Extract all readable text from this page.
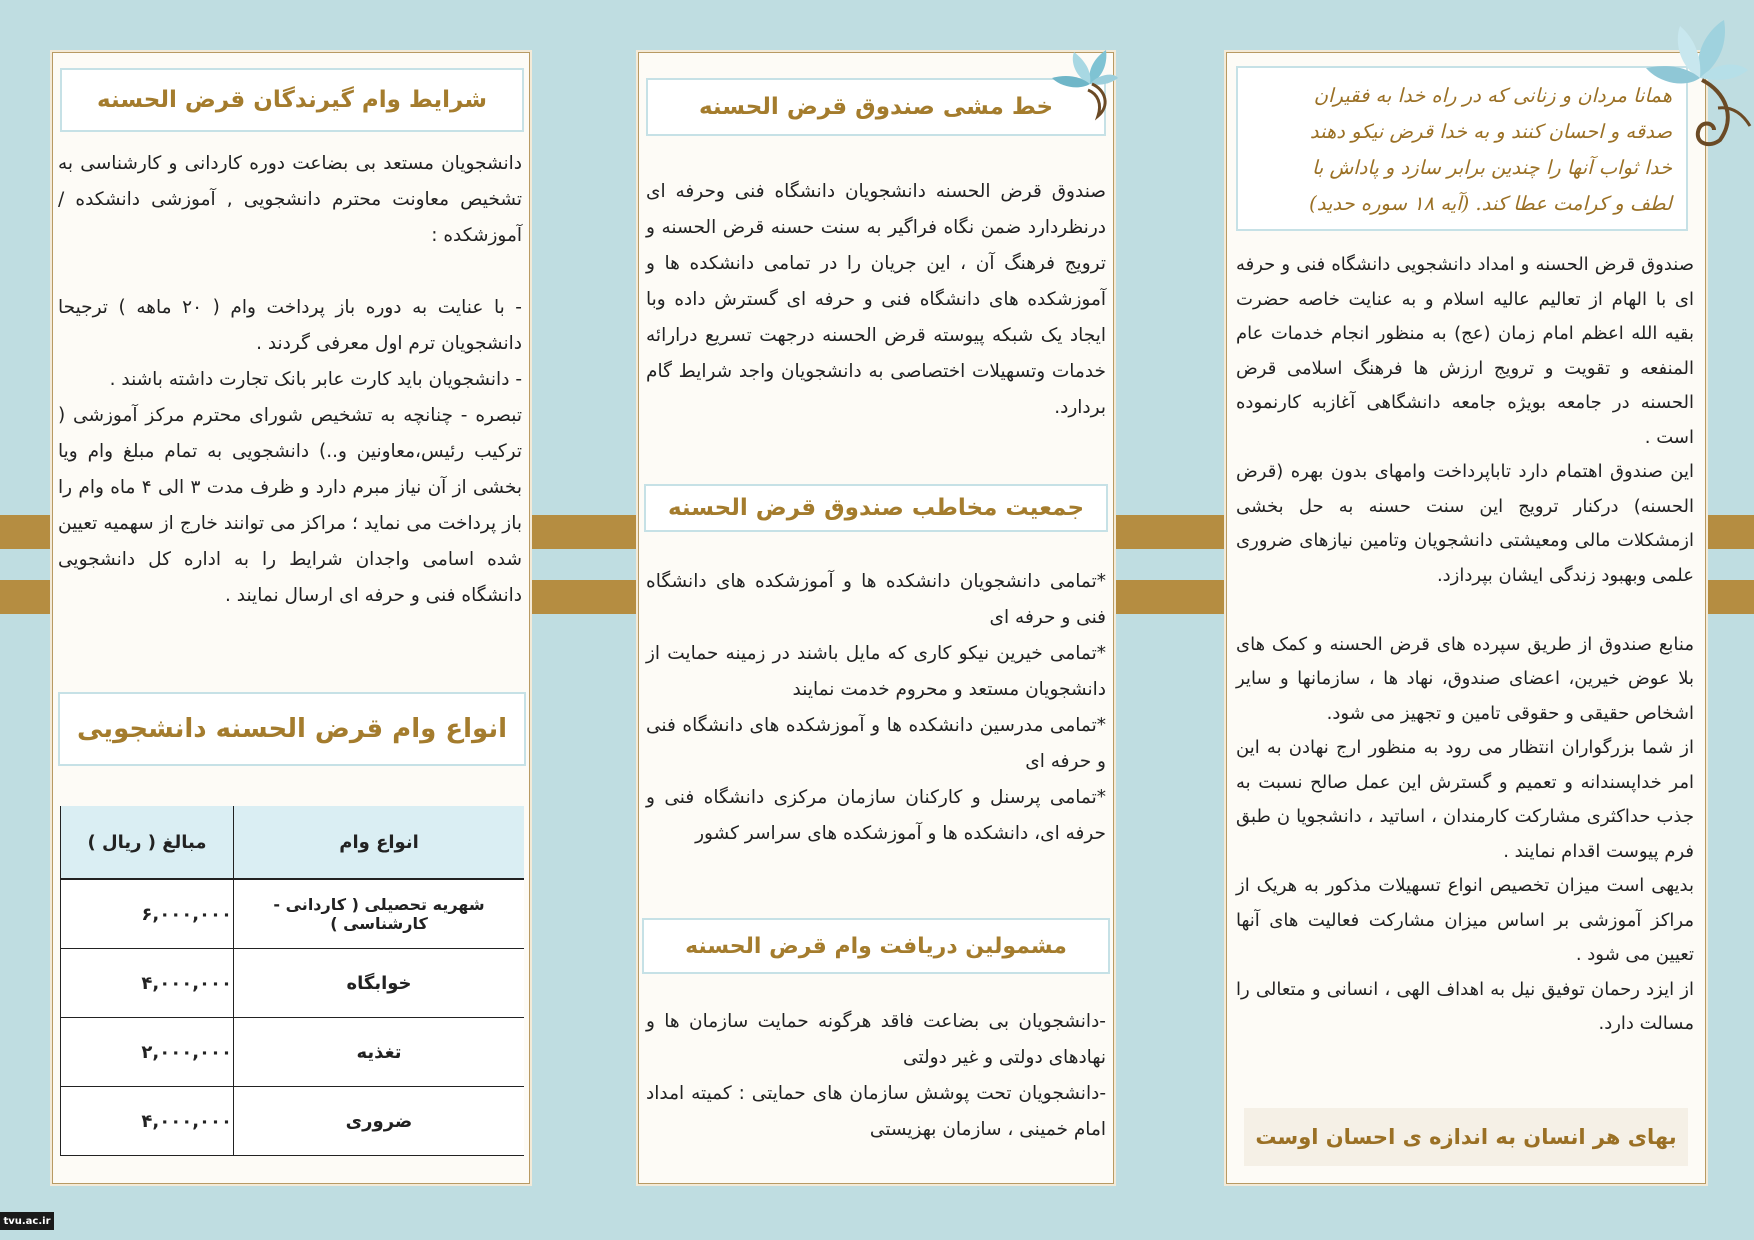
شرایط وام گیرندگان قرض الحسنه
دانشجویان مستعد بی بضاعت دوره کاردانی و کارشناسی به تشخیص معاونت محترم دانشجویی , آموزشی دانشکده / آموزشکده :

- با عنایت به دوره باز پرداخت وام ( ۲۰ ماهه ) ترجیحا دانشجویان ترم اول معرفی گردند .
- دانشجویان باید کارت عابر بانک تجارت داشته باشند .
تبصره - چنانچه به تشخیص شورای محترم مرکز آموزشی ( ترکیب رئیس،معاونین و..) دانشجویی به تمام مبلغ وام ویا بخشی از آن نیاز مبرم دارد و ظرف مدت ۳ الی ۴ ماه وام را باز پرداخت می نماید ؛ مراکز می توانند خارج از سهمیه تعیین شده اسامی واجدان شرایط را به اداره کل دانشجویی دانشگاه فنی و حرفه ای ارسال نمایند .
انواع وام قرض الحسنه دانشجویی
انواع وام	مبالغ ( ریال )
شهریه تحصیلی ( کاردانی - کارشناسی )	۶,۰۰۰,۰۰۰
خوابگاه	۴,۰۰۰,۰۰۰
تغذیه	۲,۰۰۰,۰۰۰
ضروری	۴,۰۰۰,۰۰۰
خط مشی صندوق قرض الحسنه
صندوق قرض الحسنه دانشجویان دانشگاه فنی وحرفه ای درنظردارد ضمن نگاه فراگیر به سنت حسنه قرض الحسنه و ترویج فرهنگ آن ، این جریان را در تمامی دانشکده ها و آموزشکده های دانشگاه فنی و حرفه ای گسترش داده وبا ایجاد یک شبکه پیوسته قرض الحسنه درجهت تسریع درارائه خدمات وتسهیلات اختصاصی به دانشجویان واجد شرایط گام بردارد.
جمعیت مخاطب صندوق قرض الحسنه
*تمامی دانشجویان دانشکده ها و آموزشکده های دانشگاه فنی و حرفه ای
*تمامی خیرین نیکو کاری که مایل باشند در زمینه حمایت از دانشجویان مستعد و محروم خدمت نمایند
*تمامی مدرسین دانشکده ها و آموزشکده های دانشگاه فنی و حرفه ای
*تمامی پرسنل و کارکنان سازمان مرکزی دانشگاه فنی و حرفه ای، دانشکده ها و آموزشکده های سراسر کشور
مشمولین دریافت وام قرض الحسنه
-دانشجویان بی بضاعت فاقد هرگونه حمایت سازمان ها و نهادهای دولتی و غیر دولتی
-دانشجویان تحت پوشش سازمان های حمایتی : کمیته امداد امام خمینی ، سازمان بهزیستی
همانا مردان و زنانی که در راه خدا به فقیران صدقه و احسان کنند و به خدا قرض نیکو دهند خدا ثواب آنها را چندین برابر سازد و پاداش با لطف و کرامت عطا کند. (آیه ۱۸ سوره حدید)
صندوق قرض الحسنه و امداد دانشجویی دانشگاه فنی و حرفه ای با الهام از تعالیم عالیه اسلام و به عنایت خاصه حضرت بقیه الله اعظم امام زمان (عج) به منظور انجام خدمات عام المنفعه و تقویت و ترویج ارزش ها فرهنگ اسلامی قرض الحسنه در جامعه بویژه جامعه دانشگاهی آغازبه کارنموده است .
این صندوق اهتمام دارد تاباپرداخت وامهای بدون بهره (قرض الحسنه) درکنار ترویج این سنت حسنه به حل بخشی ازمشکلات مالی ومعیشتی دانشجویان وتامین نیازهای ضروری علمی وبهبود زندگی ایشان بپردازد.

منابع صندوق از طریق سپرده های قرض الحسنه و کمک های بلا عوض خیرین، اعضای صندوق، نهاد ها ، سازمانها و سایر اشخاص حقیقی و حقوقی تامین و تجهیز می شود.
از شما بزرگواران انتظار می رود به منظور ارج نهادن به این امر خداپسندانه و تعمیم و گسترش این عمل صالح نسبت به جذب حداکثری مشارکت کارمندان ، اساتید ، دانشجویا ن طبق فرم پیوست اقدام نمایند .
بدیهی است میزان تخصیص انواع تسهیلات مذکور به هریک از مراکز آموزشی بر اساس میزان مشارکت فعالیت های آنها تعیین می شود .
از ایزد رحمان توفیق نیل به اهداف الهی ، انسانی و متعالی را مسالت دارد.
بهای هر انسان به اندازه ی احسان اوست
tvu.ac.ir
